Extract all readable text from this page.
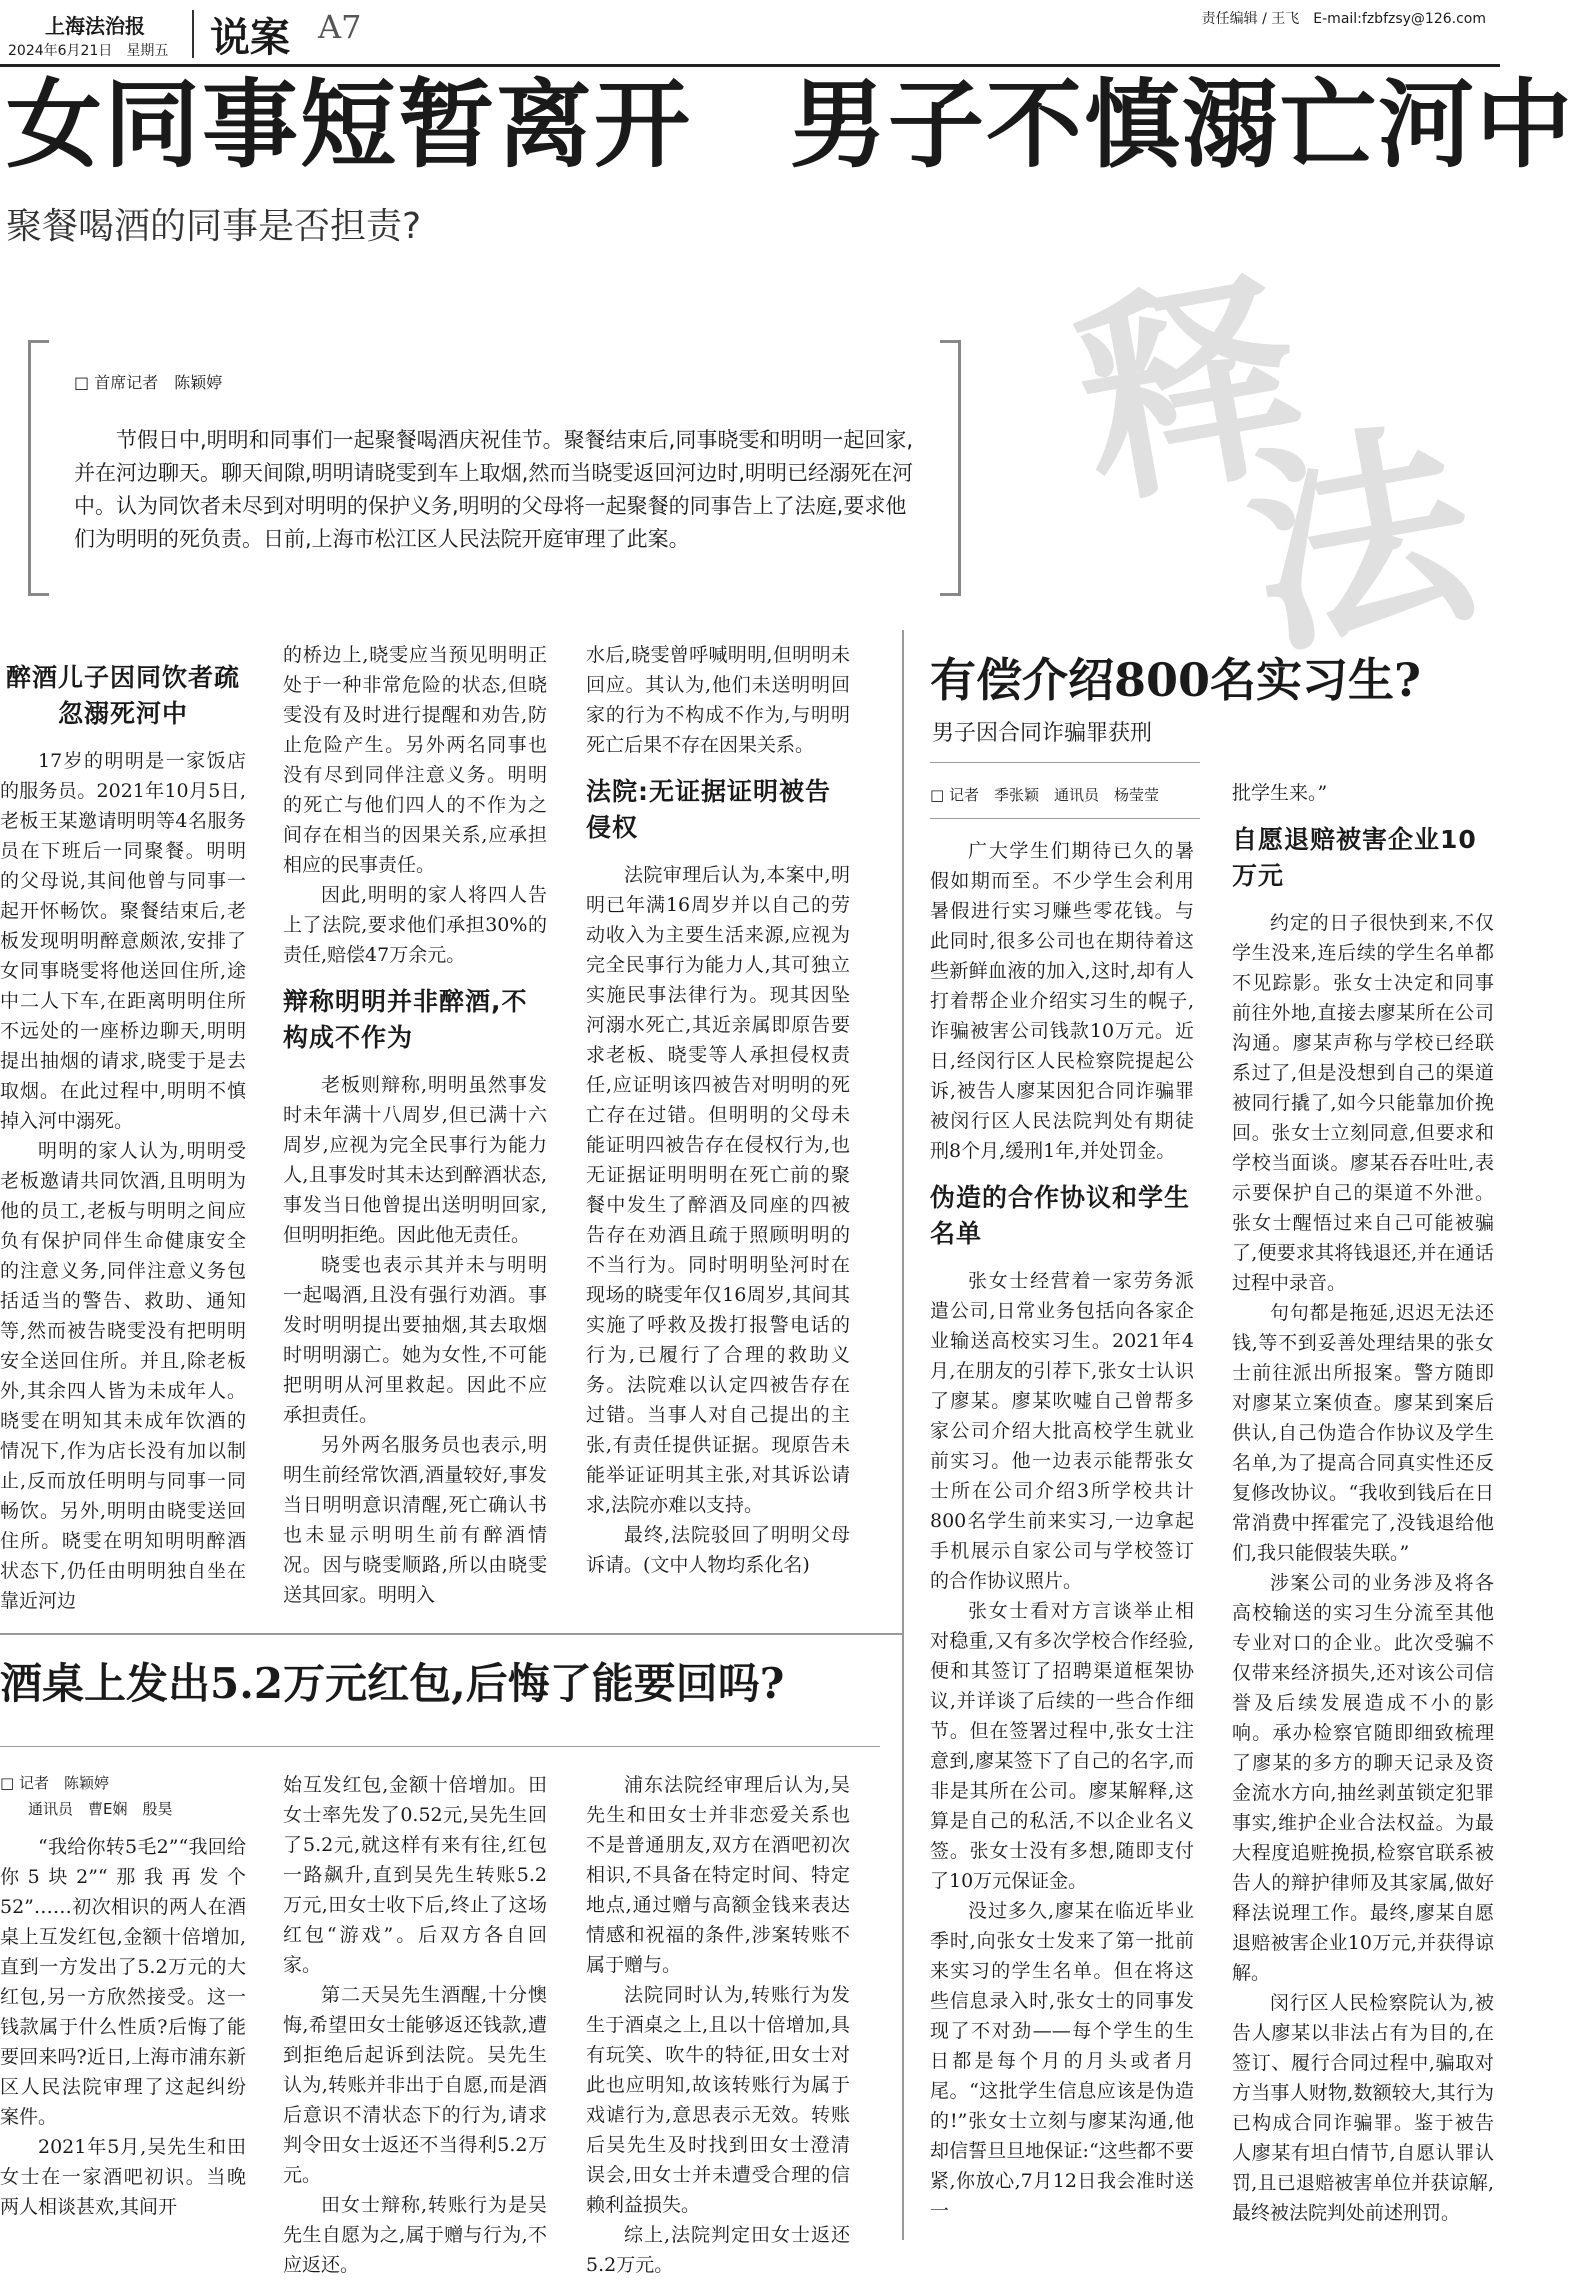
上海法治报
2024年6月21日　星期五 说案 A7	责任编辑 / 王飞　E-mail:fzbfzsy@126.com
女同事短暂离开　男子不慎溺亡河中
聚餐喝酒的同事是否担责?
释
法
□ 首席记者　陈颖婷
节假日中,明明和同事们一起聚餐喝酒庆祝佳节。聚餐结束后,同事晓雯和明明一起回家,并在河边聊天。聊天间隙,明明请晓雯到车上取烟,然而当晓雯返回河边时,明明已经溺死在河中。认为同饮者未尽到对明明的保护义务,明明的父母将一起聚餐的同事告上了法庭,要求他们为明明的死负责。日前,上海市松江区人民法院开庭审理了此案。
醉酒儿子因同饮者疏忽溺死河中

17岁的明明是一家饭店的服务员。2021年10月5日,老板王某邀请明明等4名服务员在下班后一同聚餐。明明的父母说,其间他曾与同事一起开怀畅饮。聚餐结束后,老板发现明明醉意颇浓,安排了女同事晓雯将他送回住所,途中二人下车,在距离明明住所不远处的一座桥边聊天,明明提出抽烟的请求,晓雯于是去取烟。在此过程中,明明不慎掉入河中溺死。

明明的家人认为,明明受老板邀请共同饮酒,且明明为他的员工,老板与明明之间应负有保护同伴生命健康安全的注意义务,同伴注意义务包括适当的警告、救助、通知等,然而被告晓雯没有把明明安全送回住所。并且,除老板外,其余四人皆为未成年人。晓雯在明知其未成年饮酒的情况下,作为店长没有加以制止,反而放任明明与同事一同畅饮。另外,明明由晓雯送回住所。晓雯在明知明明醉酒状态下,仍任由明明独自坐在靠近河边

的桥边上,晓雯应当预见明明正处于一种非常危险的状态,但晓雯没有及时进行提醒和劝告,防止危险产生。另外两名同事也没有尽到同伴注意义务。明明的死亡与他们四人的不作为之间存在相当的因果关系,应承担相应的民事责任。

因此,明明的家人将四人告上了法院,要求他们承担30%的责任,赔偿47万余元。

辩称明明并非醉酒,不构成不作为

老板则辩称,明明虽然事发时未年满十八周岁,但已满十六周岁,应视为完全民事行为能力人,且事发时其未达到醉酒状态,事发当日他曾提出送明明回家,但明明拒绝。因此他无责任。

晓雯也表示其并未与明明一起喝酒,且没有强行劝酒。事发时明明提出要抽烟,其去取烟时明明溺亡。她为女性,不可能把明明从河里救起。因此不应承担责任。

另外两名服务员也表示,明明生前经常饮酒,酒量较好,事发当日明明意识清醒,死亡确认书也未显示明明生前有醉酒情况。因与晓雯顺路,所以由晓雯送其回家。明明入

水后,晓雯曾呼喊明明,但明明未回应。其认为,他们未送明明回家的行为不构成不作为,与明明死亡后果不存在因果关系。

法院:无证据证明被告侵权

法院审理后认为,本案中,明明已年满16周岁并以自己的劳动收入为主要生活来源,应视为完全民事行为能力人,其可独立实施民事法律行为。现其因坠河溺水死亡,其近亲属即原告要求老板、晓雯等人承担侵权责任,应证明该四被告对明明的死亡存在过错。但明明的父母未能证明四被告存在侵权行为,也无证据证明明明在死亡前的聚餐中发生了醉酒及同座的四被告存在劝酒且疏于照顾明明的不当行为。同时明明坠河时在现场的晓雯年仅16周岁,其间其实施了呼救及拨打报警电话的行为,已履行了合理的救助义务。法院难以认定四被告存在过错。当事人对自己提出的主张,有责任提供证据。现原告未能举证证明其主张,对其诉讼请求,法院亦难以支持。

最终,法院驳回了明明父母诉请。(文中人物均系化名)

酒桌上发出5.2万元红包,后悔了能要回吗?
□ 记者　陈颖婷
通讯员　曹E娴　殷昊

“我给你转5毛2”“我回给你5块2”“那我再发个52”……初次相识的两人在酒桌上互发红包,金额十倍增加,直到一方发出了5.2万元的大红包,另一方欣然接受。这一钱款属于什么性质?后悔了能要回来吗?近日,上海市浦东新区人民法院审理了这起纠纷案件。

2021年5月,吴先生和田女士在一家酒吧初识。当晚两人相谈甚欢,其间开

始互发红包,金额十倍增加。田女士率先发了0.52元,吴先生回了5.2元,就这样有来有往,红包一路飙升,直到吴先生转账5.2万元,田女士收下后,终止了这场红包“游戏”。后双方各自回家。

第二天吴先生酒醒,十分懊悔,希望田女士能够返还钱款,遭到拒绝后起诉到法院。吴先生认为,转账并非出于自愿,而是酒后意识不清状态下的行为,请求判令田女士返还不当得利5.2万元。

田女士辩称,转账行为是吴先生自愿为之,属于赠与行为,不应返还。

浦东法院经审理后认为,吴先生和田女士并非恋爱关系也不是普通朋友,双方在酒吧初次相识,不具备在特定时间、特定地点,通过赠与高额金钱来表达情感和祝福的条件,涉案转账不属于赠与。

法院同时认为,转账行为发生于酒桌之上,且以十倍增加,具有玩笑、吹牛的特征,田女士对此也应明知,故该转账行为属于戏谑行为,意思表示无效。转账后吴先生及时找到田女士澄清误会,田女士并未遭受合理的信赖利益损失。

综上,法院判定田女士返还5.2万元。

有偿介绍800名实习生?
男子因合同诈骗罪获刑
□ 记者　季张颖　通讯员　杨莹莹

广大学生们期待已久的暑假如期而至。不少学生会利用暑假进行实习赚些零花钱。与此同时,很多公司也在期待着这些新鲜血液的加入,这时,却有人打着帮企业介绍实习生的幌子,诈骗被害公司钱款10万元。近日,经闵行区人民检察院提起公诉,被告人廖某因犯合同诈骗罪被闵行区人民法院判处有期徒刑8个月,缓刑1年,并处罚金。

伪造的合作协议和学生名单

张女士经营着一家劳务派遣公司,日常业务包括向各家企业输送高校实习生。2021年4月,在朋友的引荐下,张女士认识了廖某。廖某吹嘘自己曾帮多家公司介绍大批高校学生就业前实习。他一边表示能帮张女士所在公司介绍3所学校共计800名学生前来实习,一边拿起手机展示自家公司与学校签订的合作协议照片。

张女士看对方言谈举止相对稳重,又有多次学校合作经验,便和其签订了招聘渠道框架协议,并详谈了后续的一些合作细节。但在签署过程中,张女士注意到,廖某签下了自己的名字,而非是其所在公司。廖某解释,这算是自己的私活,不以企业名义签。张女士没有多想,随即支付了10万元保证金。

没过多久,廖某在临近毕业季时,向张女士发来了第一批前来实习的学生名单。但在将这些信息录入时,张女士的同事发现了不对劲——每个学生的生日都是每个月的月头或者月尾。“这批学生信息应该是伪造的!”张女士立刻与廖某沟通,他却信誓旦旦地保证:“这些都不要紧,你放心,7月12日我会准时送一

批学生来。”

自愿退赔被害企业10万元

约定的日子很快到来,不仅学生没来,连后续的学生名单都不见踪影。张女士决定和同事前往外地,直接去廖某所在公司沟通。廖某声称与学校已经联系过了,但是没想到自己的渠道被同行撬了,如今只能靠加价挽回。张女士立刻同意,但要求和学校当面谈。廖某吞吞吐吐,表示要保护自己的渠道不外泄。张女士醒悟过来自己可能被骗了,便要求其将钱退还,并在通话过程中录音。

句句都是拖延,迟迟无法还钱,等不到妥善处理结果的张女士前往派出所报案。警方随即对廖某立案侦查。廖某到案后供认,自己伪造合作协议及学生名单,为了提高合同真实性还反复修改协议。“我收到钱后在日常消费中挥霍完了,没钱退给他们,我只能假装失联。”

涉案公司的业务涉及将各高校输送的实习生分流至其他专业对口的企业。此次受骗不仅带来经济损失,还对该公司信誉及后续发展造成不小的影响。承办检察官随即细致梳理了廖某的多方的聊天记录及资金流水方向,抽丝剥茧锁定犯罪事实,维护企业合法权益。为最大程度追赃挽损,检察官联系被告人的辩护律师及其家属,做好释法说理工作。最终,廖某自愿退赔被害企业10万元,并获得谅解。

闵行区人民检察院认为,被告人廖某以非法占有为目的,在签订、履行合同过程中,骗取对方当事人财物,数额较大,其行为已构成合同诈骗罪。鉴于被告人廖某有坦白情节,自愿认罪认罚,且已退赔被害单位并获谅解,最终被法院判处前述刑罚。
